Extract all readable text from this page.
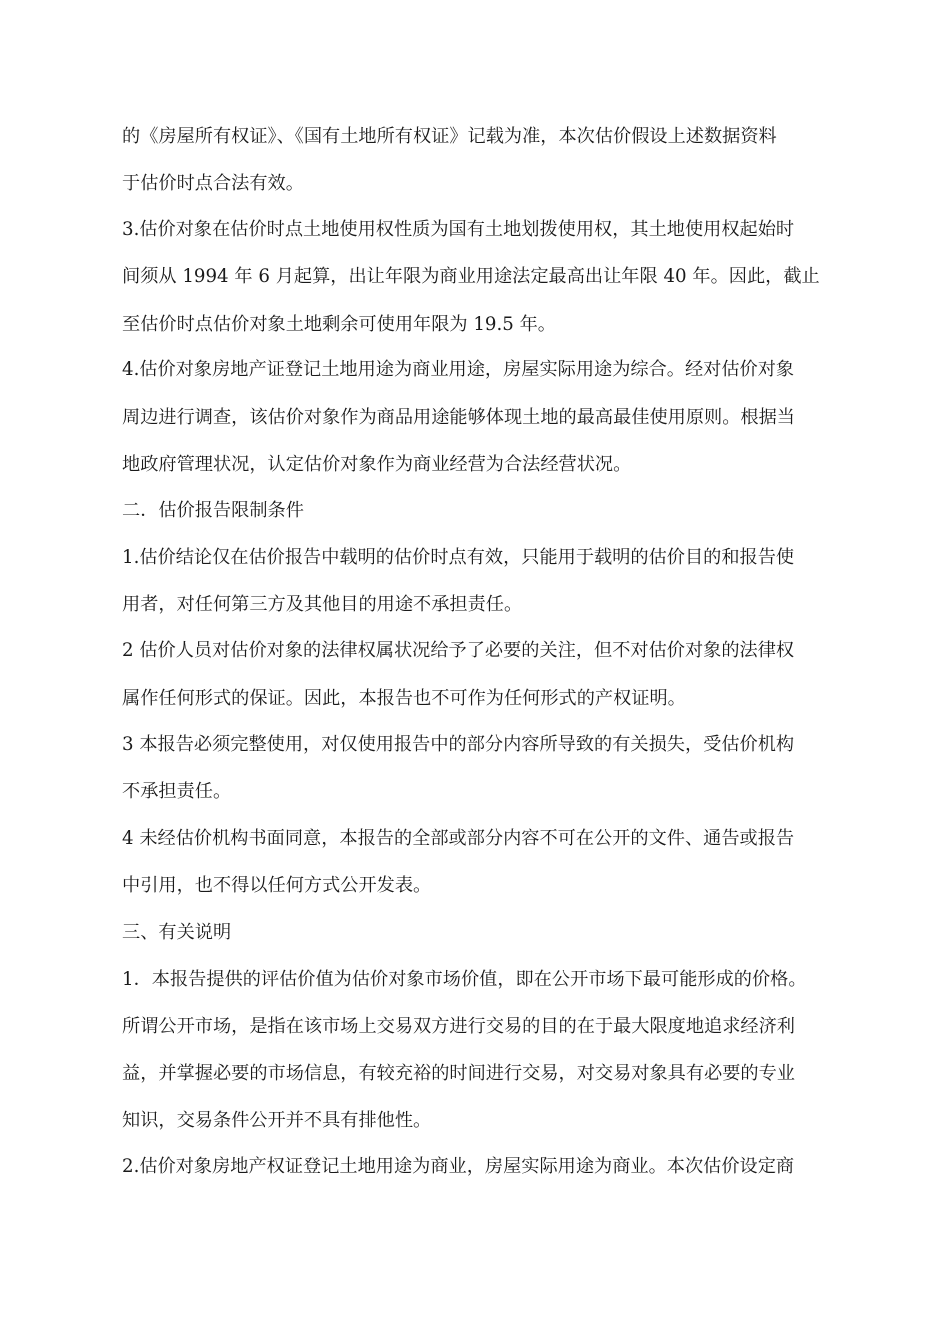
的《房屋所有权证》、《国有土地所有权证》记载为准，本次估价假设上述数据资料
于估价时点合法有效。
3.估价对象在估价时点土地使用权性质为国有土地划拨使用权，其土地使用权起始时
间须从 1994 年 6 月起算，出让年限为商业用途法定最高出让年限 40 年。因此，截止
至估价时点估价对象土地剩余可使用年限为 19.5 年。
4.估价对象房地产证登记土地用途为商业用途，房屋实际用途为综合。经对估价对象
周边进行调查，该估价对象作为商品用途能够体现土地的最高最佳使用原则。根据当
地政府管理状况，认定估价对象作为商业经营为合法经营状况。
二．估价报告限制条件
1.估价结论仅在估价报告中载明的估价时点有效，只能用于载明的估价目的和报告使
用者，对任何第三方及其他目的用途不承担责任。
2 估价人员对估价对象的法律权属状况给予了必要的关注，但不对估价对象的法律权
属作任何形式的保证。因此，本报告也不可作为任何形式的产权证明。
3 本报告必须完整使用，对仅使用报告中的部分内容所导致的有关损失，受估价机构
不承担责任。
4 未经估价机构书面同意，本报告的全部或部分内容不可在公开的文件、通告或报告
中引用，也不得以任何方式公开发表。
三、有关说明
1．本报告提供的评估价值为估价对象市场价值，即在公开市场下最可能形成的价格。
所谓公开市场，是指在该市场上交易双方进行交易的目的在于最大限度地追求经济利
益，并掌握必要的市场信息，有较充裕的时间进行交易，对交易对象具有必要的专业
知识，交易条件公开并不具有排他性。
2.估价对象房地产权证登记土地用途为商业，房屋实际用途为商业。本次估价设定商
